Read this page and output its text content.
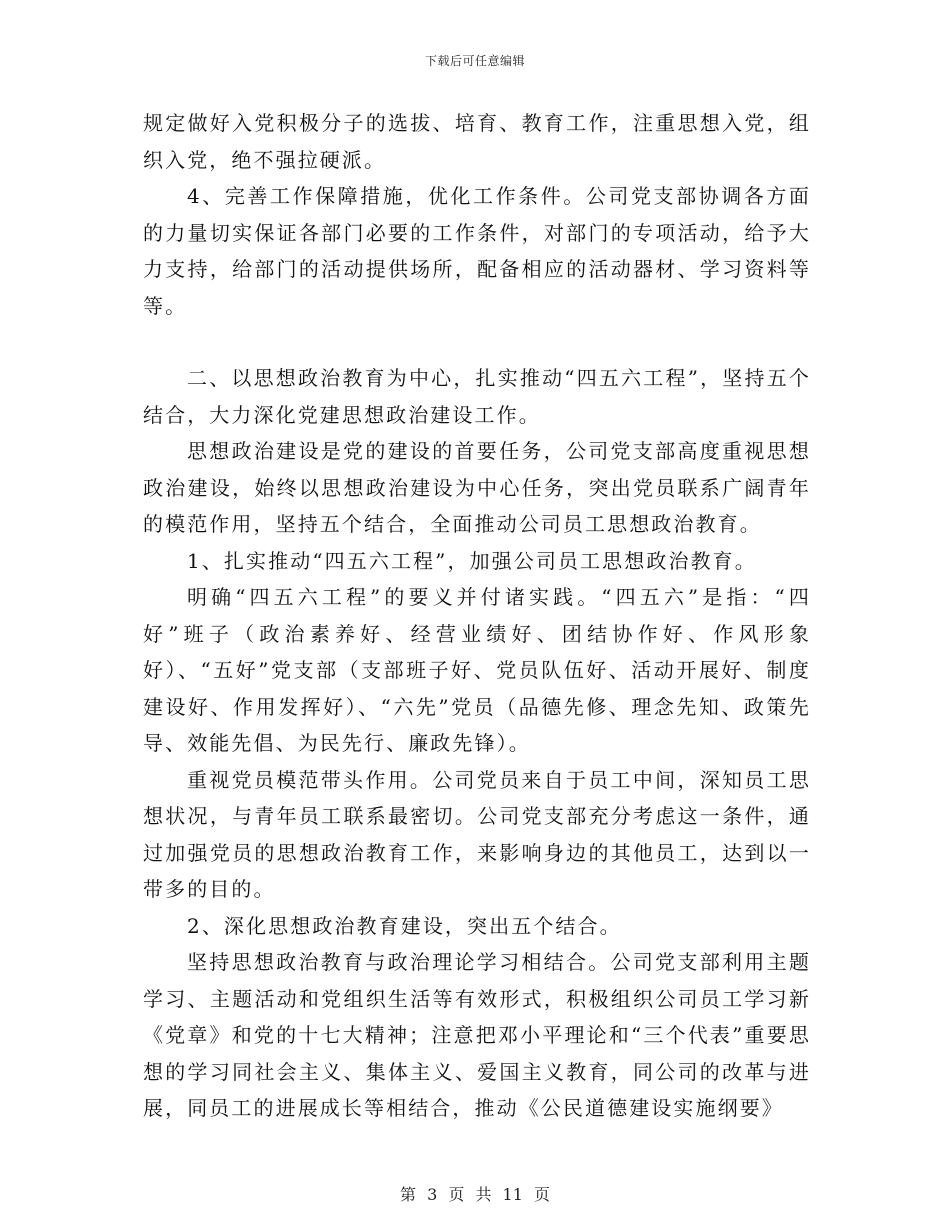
下载后可任意编辑

规定做好入党积极分子的选拔、培育、教育工作，注重思想入党，组织入党，绝不强拉硬派。

4、完善工作保障措施，优化工作条件。公司党支部协调各方面的力量切实保证各部门必要的工作条件，对部门的专项活动，给予大力支持，给部门的活动提供场所，配备相应的活动器材、学习资料等等。

二、以思想政治教育为中心，扎实推动“四五六工程”，坚持五个结合，大力深化党建思想政治建设工作。

思想政治建设是党的建设的首要任务，公司党支部高度重视思想政治建设，始终以思想政治建设为中心任务，突出党员联系广阔青年的模范作用，坚持五个结合，全面推动公司员工思想政治教育。

1、扎实推动“四五六工程”，加强公司员工思想政治教育。

明确“四五六工程”的要义并付诸实践。“四五六”是指：“四好”班子（政治素养好、经营业绩好、团结协作好、作风形象好）、“五好”党支部（支部班子好、党员队伍好、活动开展好、制度建设好、作用发挥好）、“六先”党员（品德先修、理念先知、政策先导、效能先倡、为民先行、廉政先锋）。

重视党员模范带头作用。公司党员来自于员工中间，深知员工思想状况，与青年员工联系最密切。公司党支部充分考虑这一条件，通过加强党员的思想政治教育工作，来影响身边的其他员工，达到以一带多的目的。

2、深化思想政治教育建设，突出五个结合。

坚持思想政治教育与政治理论学习相结合。公司党支部利用主题学习、主题活动和党组织生活等有效形式，积极组织公司员工学习新《党章》和党的十七大精神；注意把邓小平理论和“三个代表”重要思想的学习同社会主义、集体主义、爱国主义教育，同公司的改革与进展，同员工的进展成长等相结合，推动《公民道德建设实施纲要》

第 3 页 共 11 页
